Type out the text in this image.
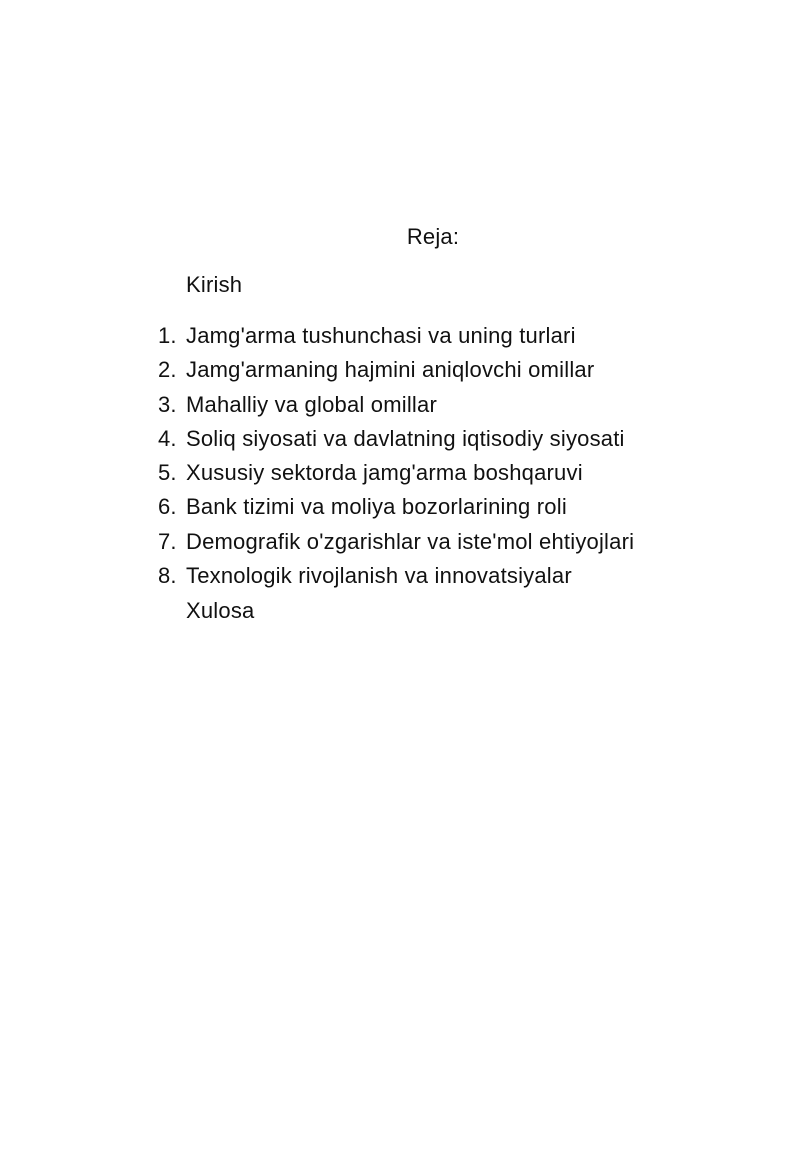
Reja:
Kirish
1. Jamg'arma tushunchasi va uning turlari
2. Jamg'armaning hajmini aniqlovchi omillar
3. Mahalliy va global omillar
4. Soliq siyosati va davlatning iqtisodiy siyosati
5. Xususiy sektorda jamg'arma boshqaruvi
6. Bank tizimi va moliya bozorlarining roli
7. Demografik o'zgarishlar va iste'mol ehtiyojlari
8. Texnologik rivojlanish va innovatsiyalar
Xulosa
